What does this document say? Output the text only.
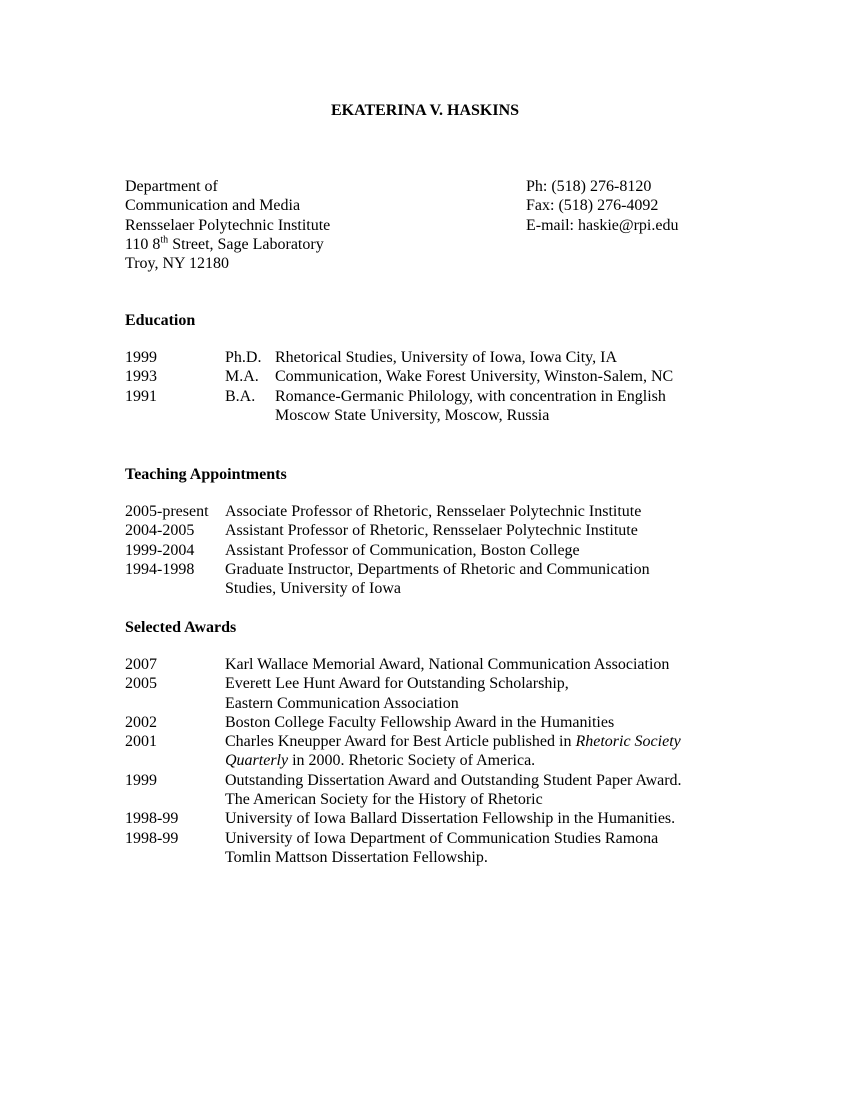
EKATERINA V. HASKINS
Department of
Communication and Media
Rensselaer Polytechnic Institute
110 8th Street, Sage Laboratory
Troy, NY 12180
Ph: (518) 276-8120
Fax: (518) 276-4092
E-mail: haskie@rpi.edu
Education
1999	Ph.D. Rhetorical Studies, University of Iowa, Iowa City, IA
1993	M.A.	Communication, Wake Forest University, Winston-Salem, NC
1991	B.A.	Romance-Germanic Philology, with concentration in English
Moscow State University, Moscow, Russia
Teaching Appointments
2005-present	Associate Professor of Rhetoric, Rensselaer Polytechnic Institute
2004-2005	Assistant Professor of Rhetoric, Rensselaer Polytechnic Institute
1999-2004	Assistant Professor of Communication, Boston College
1994-1998	Graduate Instructor, Departments of Rhetoric and Communication
Studies, University of Iowa
Selected Awards
2007	Karl Wallace Memorial Award, National Communication Association
2005	Everett Lee Hunt Award for Outstanding Scholarship,
Eastern Communication Association
2002	Boston College Faculty Fellowship Award in the Humanities
2001	Charles Kneupper Award for Best Article published in Rhetoric Society
Quarterly in 2000. Rhetoric Society of America.
1999	Outstanding Dissertation Award and Outstanding Student Paper Award.
The American Society for the History of Rhetoric
1998-99	University of Iowa Ballard Dissertation Fellowship in the Humanities.
1998-99	University of Iowa Department of Communication Studies Ramona
Tomlin Mattson Dissertation Fellowship.
